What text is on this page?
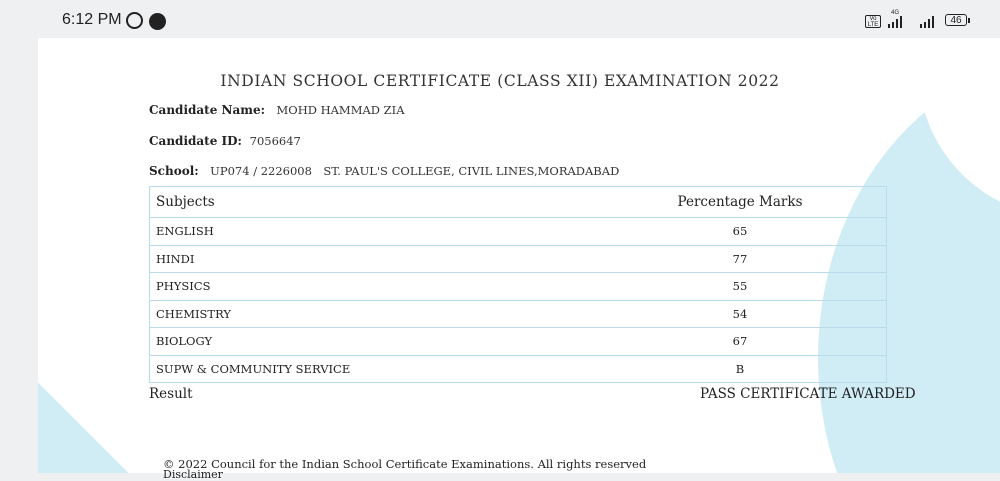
6:12 PM	Vo LTE
4G
46
INDIAN SCHOOL CERTIFICATE (CLASS XII) EXAMINATION 2022
Candidate Name: MOHD HAMMAD ZIA
Candidate ID: 7056647
School: UP074 / 2226008 ST. PAUL'S COLLEGE, CIVIL LINES,MORADABAD
Subjects	Percentage Marks
ENGLISH	65
HINDI	77
PHYSICS	55
CHEMISTRY	54
BIOLOGY	67
SUPW & COMMUNITY SERVICE	B
Result	PASS CERTIFICATE AWARDED
© 2022 Council for the Indian School Certificate Examinations. All rights reserved
Disclaimer
